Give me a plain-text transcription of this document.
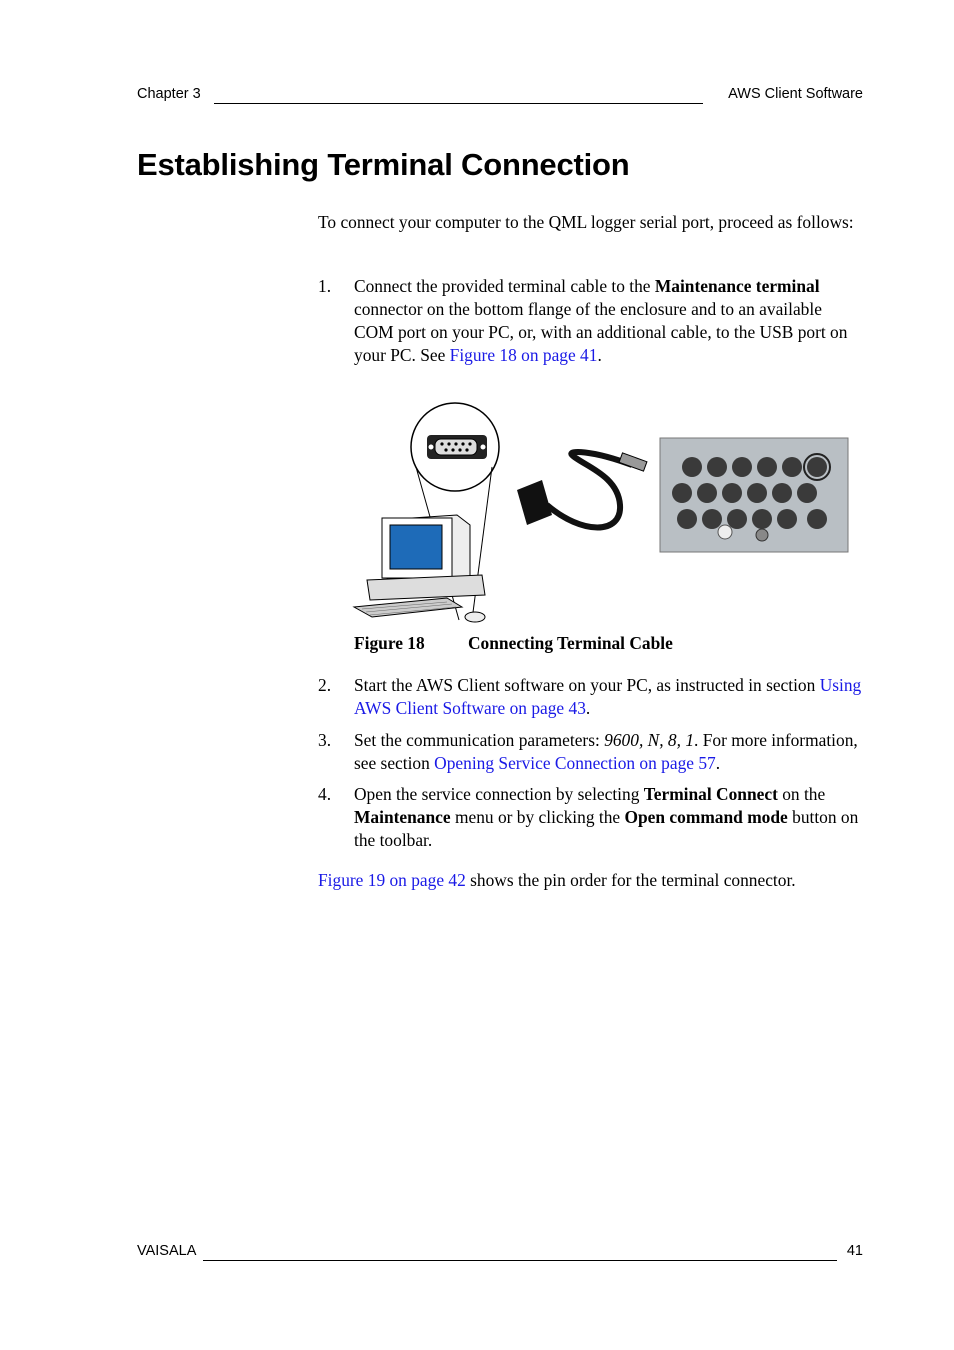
Chapter 3	AWS Client Software
Establishing Terminal Connection
To connect your computer to the QML logger serial port, proceed as follows:
1.	Connect the provided terminal cable to the Maintenance terminal connector on the bottom flange of the enclosure and to an available COM port on your PC, or, with an additional cable, to the USB port on your PC. See Figure 18 on page 41.
2.	Start the AWS Client software on your PC, as instructed in section Using AWS Client Software on page 43.
3.	Set the communication parameters: 9600, N, 8, 1. For more information, see section Opening Service Connection on page 57.
4.	Open the service connection by selecting Terminal Connect on the Maintenance menu or by clicking the Open command mode button on the toolbar.
Figure 18 Connecting Terminal Cable
Figure 19 on page 42 shows the pin order for the terminal connector.
VAISALA	41
